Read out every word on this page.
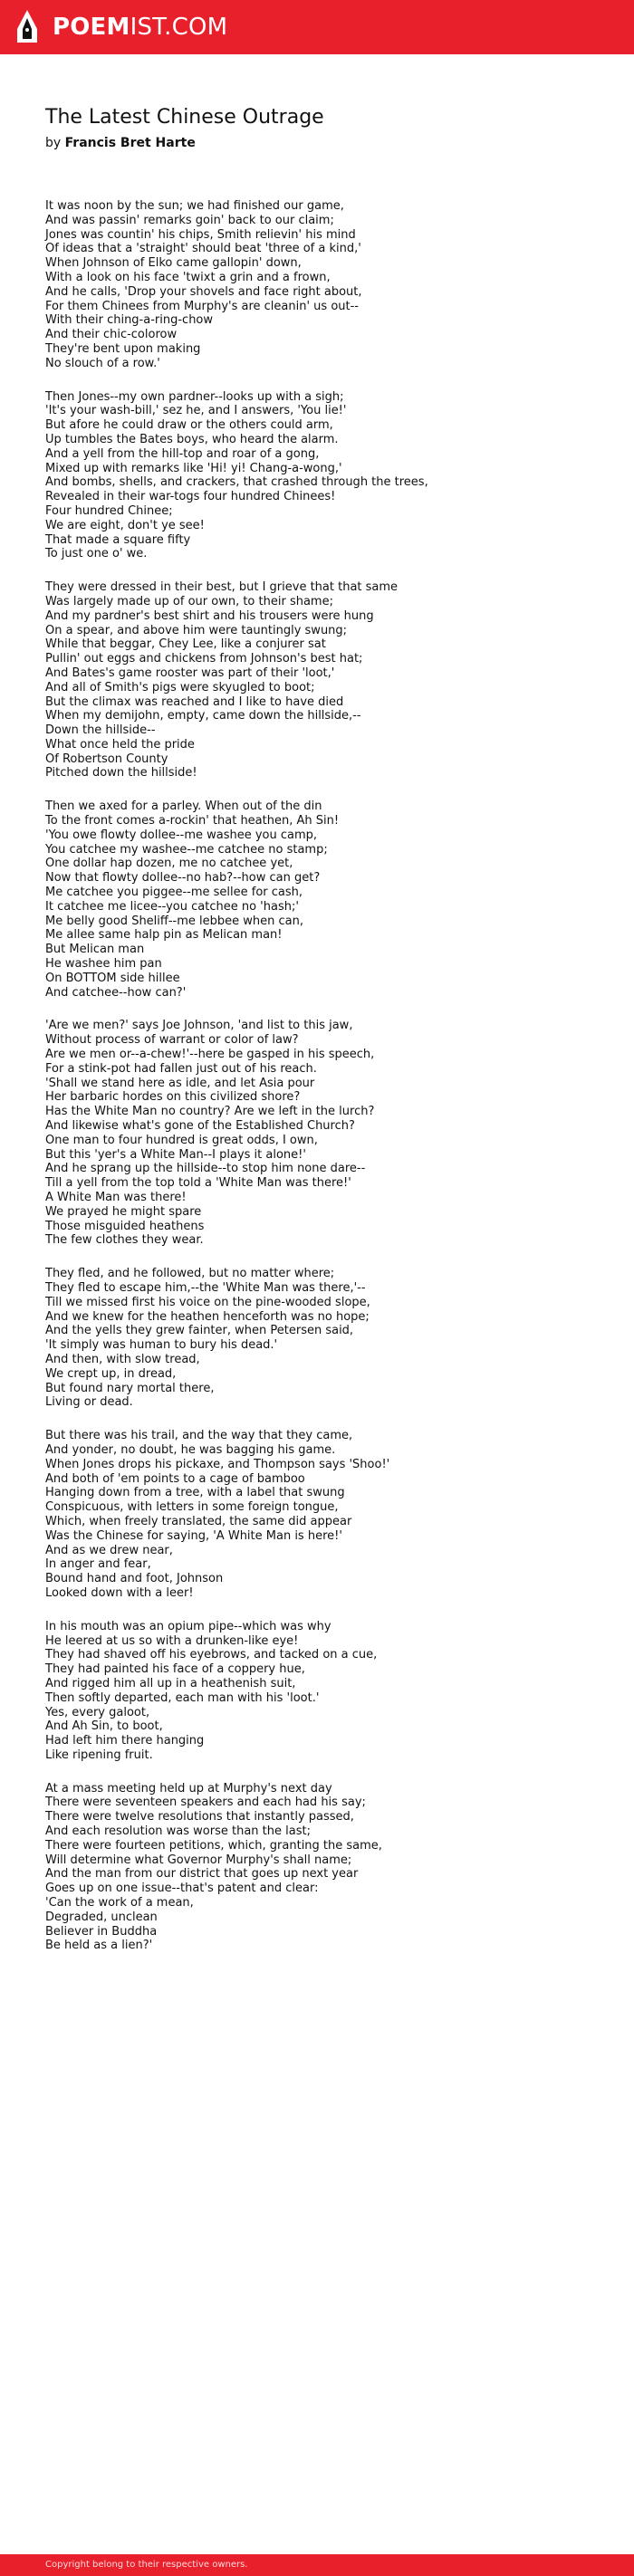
POEMIST.COM
The Latest Chinese Outrage
by Francis Bret Harte
It was noon by the sun; we had finished our game,
And was passin' remarks goin' back to our claim;
Jones was countin' his chips, Smith relievin' his mind
Of ideas that a 'straight' should beat 'three of a kind,'
When Johnson of Elko came gallopin' down,
With a look on his face 'twixt a grin and a frown,
And he calls, 'Drop your shovels and face right about,
For them Chinees from Murphy's are cleanin' us out--
With their ching-a-ring-chow
And their chic-colorow
They're bent upon making
No slouch of a row.'
Then Jones--my own pardner--looks up with a sigh;
'It's your wash-bill,' sez he, and I answers, 'You lie!'
But afore he could draw or the others could arm,
Up tumbles the Bates boys, who heard the alarm.
And a yell from the hill-top and roar of a gong,
Mixed up with remarks like 'Hi! yi! Chang-a-wong,'
And bombs, shells, and crackers, that crashed through the trees,
Revealed in their war-togs four hundred Chinees!
Four hundred Chinee;
We are eight, don't ye see!
That made a square fifty
To just one o' we.
They were dressed in their best, but I grieve that that same
Was largely made up of our own, to their shame;
And my pardner's best shirt and his trousers were hung
On a spear, and above him were tauntingly swung;
While that beggar, Chey Lee, like a conjurer sat
Pullin' out eggs and chickens from Johnson's best hat;
And Bates's game rooster was part of their 'loot,'
And all of Smith's pigs were skyugled to boot;
But the climax was reached and I like to have died
When my demijohn, empty, came down the hillside,--
Down the hillside--
What once held the pride
Of Robertson County
Pitched down the hillside!
Then we axed for a parley. When out of the din
To the front comes a-rockin' that heathen, Ah Sin!
'You owe flowty dollee--me washee you camp,
You catchee my washee--me catchee no stamp;
One dollar hap dozen, me no catchee yet,
Now that flowty dollee--no hab?--how can get?
Me catchee you piggee--me sellee for cash,
It catchee me licee--you catchee no 'hash;'
Me belly good Sheliff--me lebbee when can,
Me allee same halp pin as Melican man!
But Melican man
He washee him pan
On BOTTOM side hillee
And catchee--how can?'
'Are we men?' says Joe Johnson, 'and list to this jaw,
Without process of warrant or color of law?
Are we men or--a-chew!'--here be gasped in his speech,
For a stink-pot had fallen just out of his reach.
'Shall we stand here as idle, and let Asia pour
Her barbaric hordes on this civilized shore?
Has the White Man no country? Are we left in the lurch?
And likewise what's gone of the Established Church?
One man to four hundred is great odds, I own,
But this 'yer's a White Man--I plays it alone!'
And he sprang up the hillside--to stop him none dare--
Till a yell from the top told a 'White Man was there!'
A White Man was there!
We prayed he might spare
Those misguided heathens
The few clothes they wear.
They fled, and he followed, but no matter where;
They fled to escape him,--the 'White Man was there,'--
Till we missed first his voice on the pine-wooded slope,
And we knew for the heathen henceforth was no hope;
And the yells they grew fainter, when Petersen said,
'It simply was human to bury his dead.'
And then, with slow tread,
We crept up, in dread,
But found nary mortal there,
Living or dead.
But there was his trail, and the way that they came,
And yonder, no doubt, he was bagging his game.
When Jones drops his pickaxe, and Thompson says 'Shoo!'
And both of 'em points to a cage of bamboo
Hanging down from a tree, with a label that swung
Conspicuous, with letters in some foreign tongue,
Which, when freely translated, the same did appear
Was the Chinese for saying, 'A White Man is here!'
And as we drew near,
In anger and fear,
Bound hand and foot, Johnson
Looked down with a leer!
In his mouth was an opium pipe--which was why
He leered at us so with a drunken-like eye!
They had shaved off his eyebrows, and tacked on a cue,
They had painted his face of a coppery hue,
And rigged him all up in a heathenish suit,
Then softly departed, each man with his 'loot.'
Yes, every galoot,
And Ah Sin, to boot,
Had left him there hanging
Like ripening fruit.
At a mass meeting held up at Murphy's next day
There were seventeen speakers and each had his say;
There were twelve resolutions that instantly passed,
And each resolution was worse than the last;
There were fourteen petitions, which, granting the same,
Will determine what Governor Murphy's shall name;
And the man from our district that goes up next year
Goes up on one issue--that's patent and clear:
'Can the work of a mean,
Degraded, unclean
Believer in Buddha
Be held as a lien?'
Copyright belong to their respective owners.
